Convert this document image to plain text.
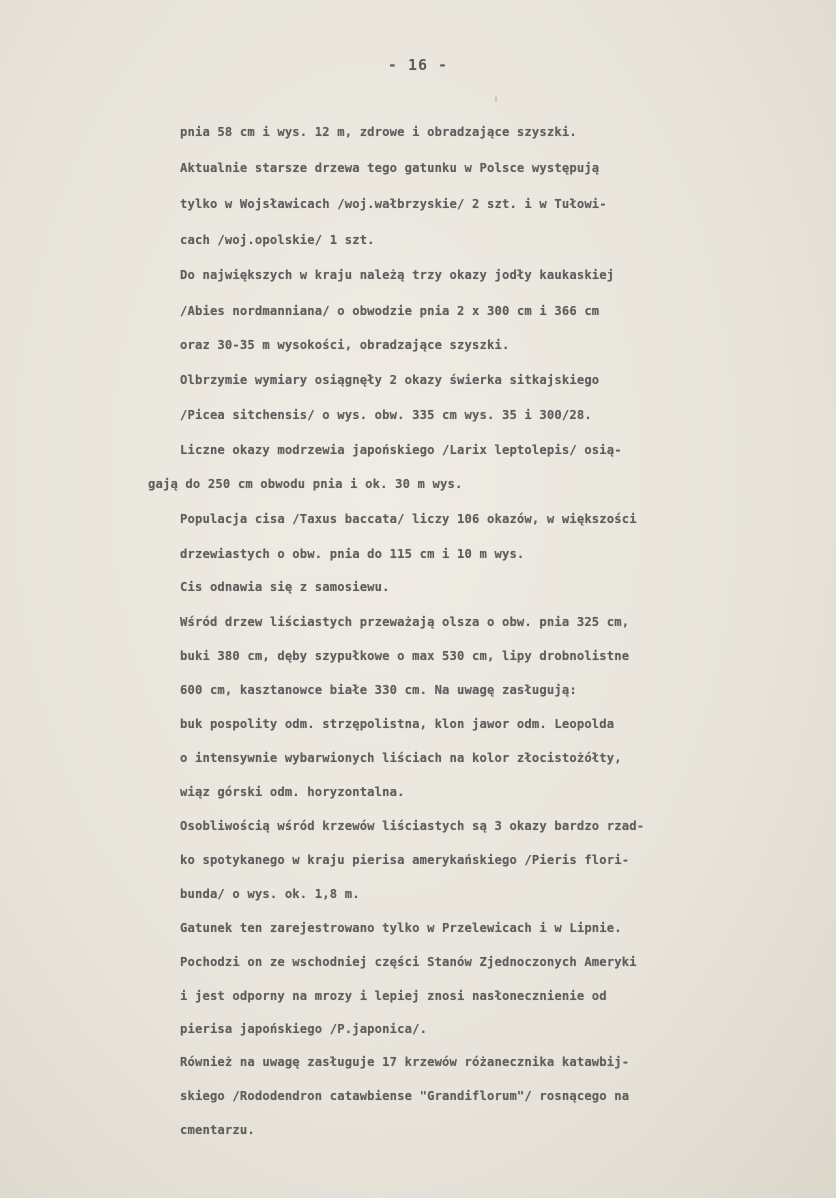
- 16 -
pnia 58 cm i wys. 12 m, zdrowe i obradzające szyszki.
Aktualnie starsze drzewa tego gatunku w Polsce występują
tylko w Wojsławicach /woj.wałbrzyskie/ 2 szt. i w Tułowi-
cach /woj.opolskie/ 1 szt.
Do największych w kraju należą trzy okazy jodły kaukaskiej
/Abies nordmanniana/ o obwodzie pnia 2 x 300 cm i 366 cm
oraz 30-35 m wysokości, obradzające szyszki.
Olbrzymie wymiary osiągnęły 2 okazy świerka sitkajskiego
/Picea sitchensis/ o wys. obw. 335 cm wys. 35 i 300/28.
Liczne okazy modrzewia japońskiego /Larix leptolepis/ osią-
gają do 250 cm obwodu pnia i ok. 30 m wys.
Populacja cisa /Taxus baccata/ liczy 106 okazów, w większości
drzewiastych o obw. pnia do 115 cm i 10 m wys.
Cis odnawia się z samosiewu.
Wśród drzew liściastych przeważają olsza o obw. pnia 325 cm,
buki 380 cm, dęby szypułkowe o max 530 cm, lipy drobnolistne
600 cm, kasztanowce białe 330 cm. Na uwagę zasługują:
buk pospolity odm. strzępolistna, klon jawor odm. Leopolda
o intensywnie wybarwionych liściach na kolor złocistożółty,
wiąz górski odm. horyzontalna.
Osobliwością wśród krzewów liściastych są 3 okazy bardzo rzad-
ko spotykanego w kraju pierisa amerykańskiego /Pieris flori-
bunda/ o wys. ok. 1,8 m.
Gatunek ten zarejestrowano tylko w Przelewicach i w Lipnie.
Pochodzi on ze wschodniej części Stanów Zjednoczonych Ameryki
i jest odporny na mrozy i lepiej znosi nasłonecznienie od
pierisa japońskiego /P.japonica/.
Również na uwagę zasługuje 17 krzewów różanecznika katawbij-
skiego /Rododendron catawbiense "Grandiflorum"/ rosnącego na
cmentarzu.
